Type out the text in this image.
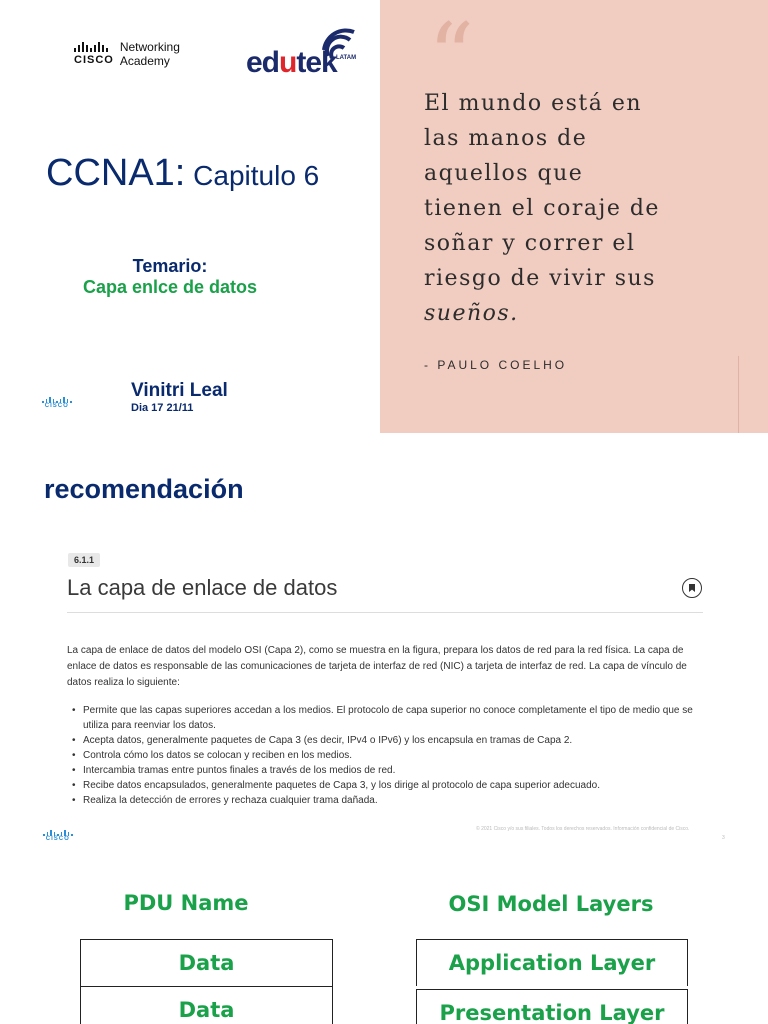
CISCO
Networking
Academy	edutek LATAM
CCNA1: Capitulo 6
Temario:
Capa enlce de datos
CISCO
Vinitri Leal
Dia 17 21/11
“
El mundo está en
las manos de
aquellos que
tienen el coraje de
soñar y correr el
riesgo de vivir sus
sueños.
- PAULO COELHO
recomendación
6.1.1
La capa de enlace de datos
La capa de enlace de datos del modelo OSI (Capa 2), como se muestra en la figura, prepara los datos de red para la red física. La capa de enlace de datos es responsable de las comunicaciones de tarjeta de interfaz de red (NIC) a tarjeta de interfaz de red. La capa de vínculo de datos realiza lo siguiente:
• Permite que las capas superiores accedan a los medios. El protocolo de capa superior no conoce completamente el tipo de medio que se utiliza para reenviar los datos.
• Acepta datos, generalmente paquetes de Capa 3 (es decir, IPv4 o IPv6) y los encapsula en tramas de Capa 2.
• Controla cómo los datos se colocan y reciben en los medios.
• Intercambia tramas entre puntos finales a través de los medios de red.
• Recibe datos encapsulados, generalmente paquetes de Capa 3, y los dirige al protocolo de capa superior adecuado.
• Realiza la detección de errores y rechaza cualquier trama dañada.
CISCO
© 2021 Cisco y/o sus filiales. Todos los derechos reservados. Información confidencial de Cisco.
3
PDU Name	OSI Model Layers
Data
Data
Application Layer
Presentation Layer
